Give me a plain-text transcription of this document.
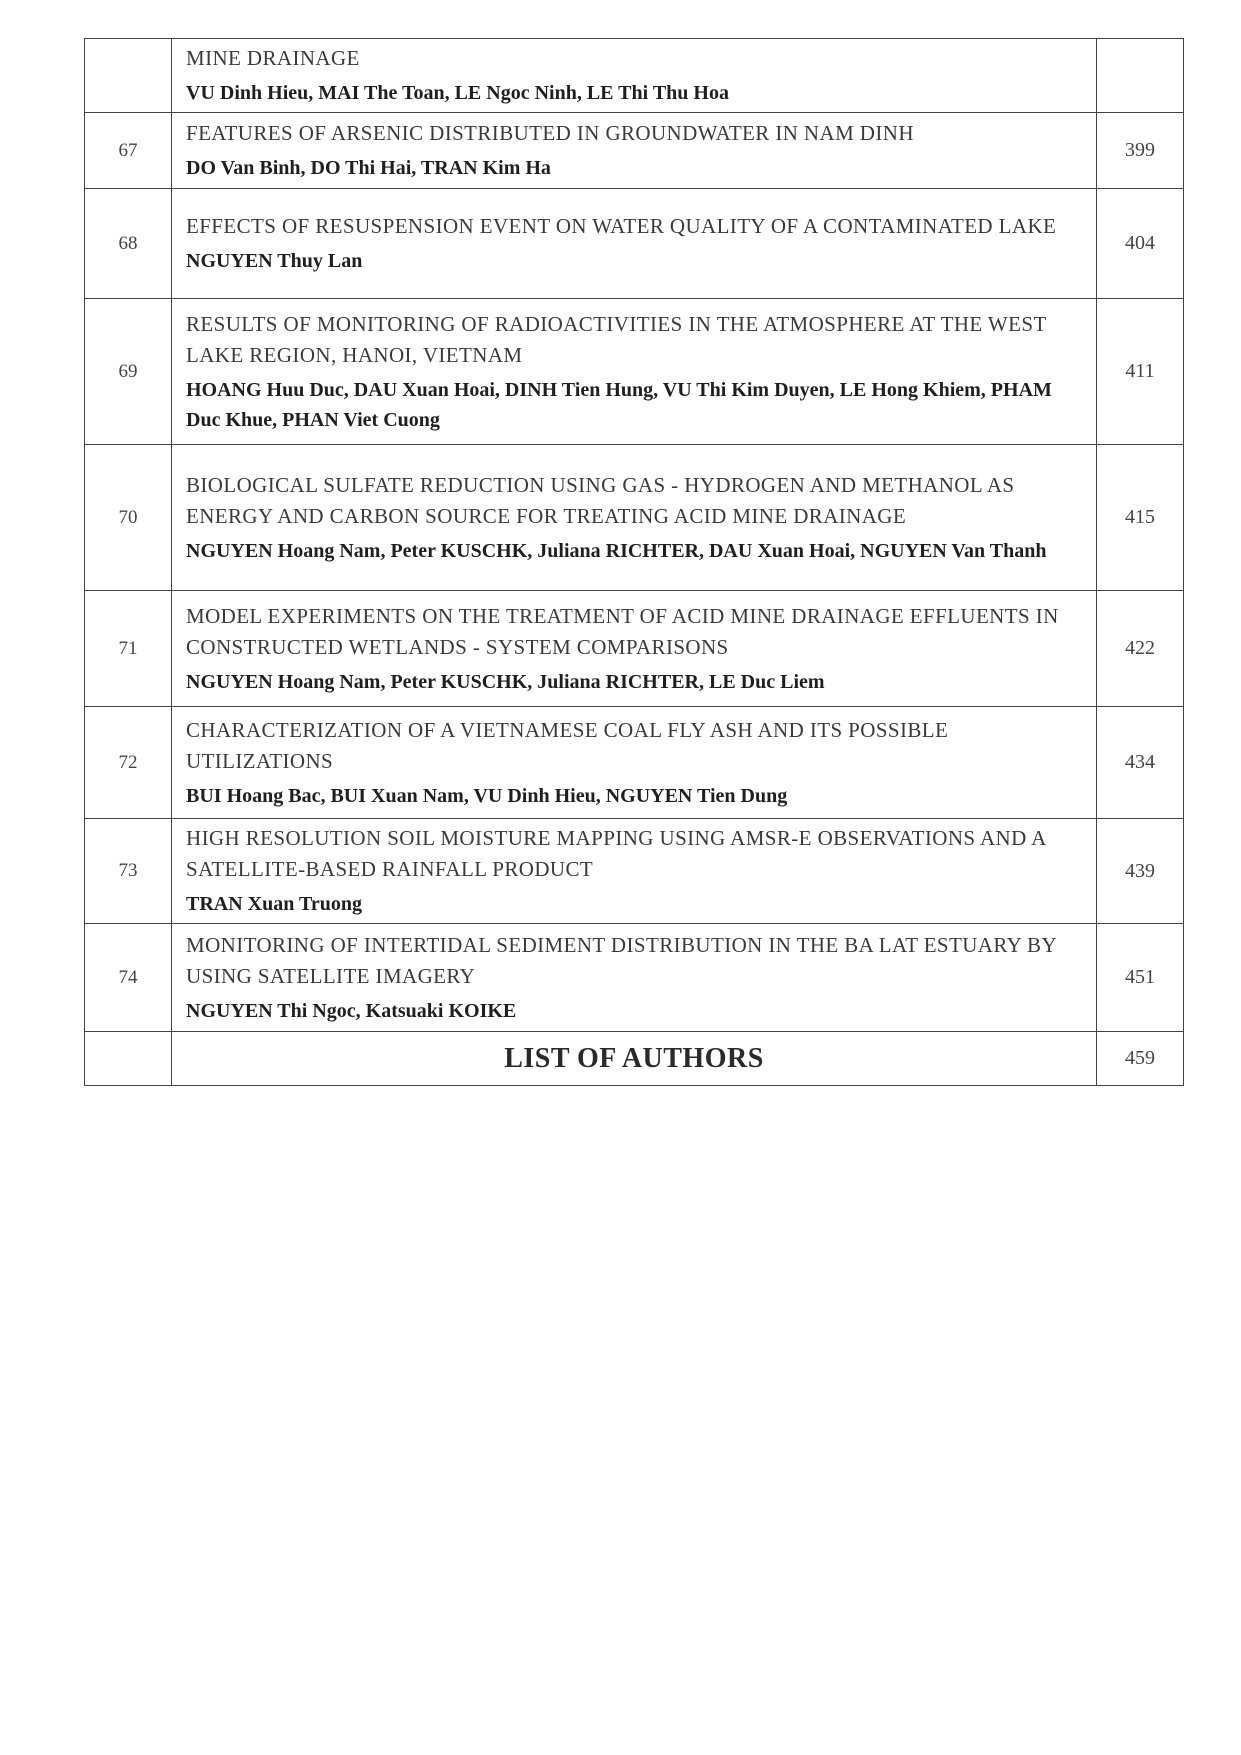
	MINE DRAINAGE
VU Dinh Hieu, MAI The Toan, LE Ngoc Ninh, LE Thi Thu Hoa	

67	FEATURES OF ARSENIC DISTRIBUTED IN GROUNDWATER IN NAM DINH
DO Van Binh, DO Thi Hai, TRAN Kim Ha	399
68	EFFECTS OF RESUSPENSION EVENT ON WATER QUALITY OF A CONTAMINATED LAKE
NGUYEN Thuy Lan	404
69	RESULTS OF MONITORING OF RADIOACTIVITIES IN THE ATMOSPHERE AT THE WEST LAKE REGION, HANOI, VIETNAM
HOANG Huu Duc, DAU Xuan Hoai, DINH Tien Hung, VU Thi Kim Duyen, LE Hong Khiem, PHAM Duc Khue, PHAN Viet Cuong	411
70	BIOLOGICAL SULFATE REDUCTION USING GAS - HYDROGEN AND METHANOL AS ENERGY AND CARBON SOURCE FOR TREATING ACID MINE DRAINAGE
NGUYEN Hoang Nam, Peter KUSCHK, Juliana RICHTER, DAU Xuan Hoai, NGUYEN Van Thanh	415
71	MODEL EXPERIMENTS ON THE TREATMENT OF ACID MINE DRAINAGE EFFLUENTS IN CONSTRUCTED WETLANDS - SYSTEM COMPARISONS
NGUYEN Hoang Nam, Peter KUSCHK, Juliana RICHTER, LE Duc Liem	422
72	CHARACTERIZATION OF A VIETNAMESE COAL FLY ASH AND ITS POSSIBLE UTILIZATIONS
BUI Hoang Bac, BUI Xuan Nam, VU Dinh Hieu, NGUYEN Tien Dung	434
73	HIGH RESOLUTION SOIL MOISTURE MAPPING USING AMSR-E OBSERVATIONS AND A SATELLITE-BASED RAINFALL PRODUCT
TRAN Xuan Truong	439
74	MONITORING OF INTERTIDAL SEDIMENT DISTRIBUTION IN THE BA LAT ESTUARY BY USING SATELLITE IMAGERY
NGUYEN Thi Ngoc, Katsuaki KOIKE	451
	LIST OF AUTHORS	459
